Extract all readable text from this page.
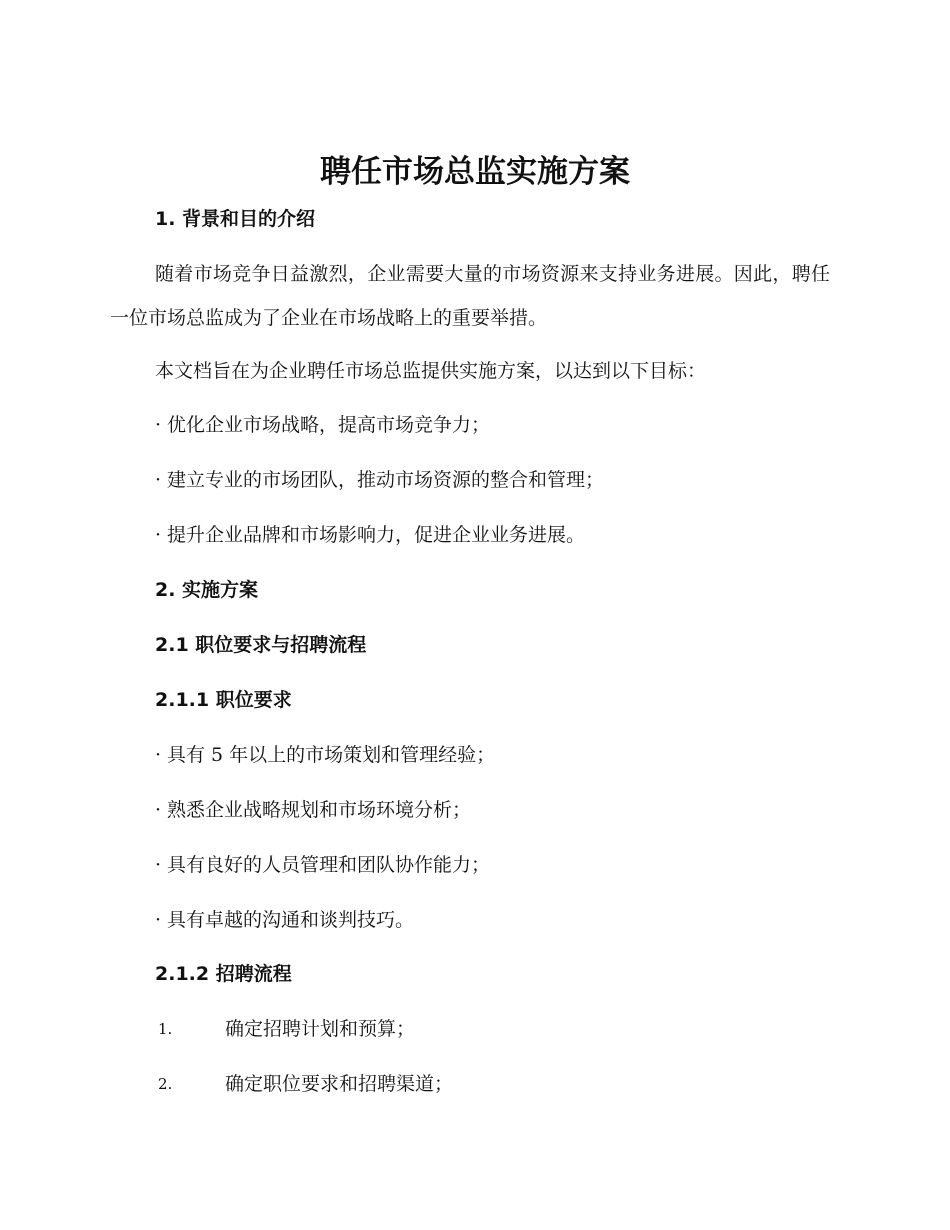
聘任市场总监实施方案
1. 背景和目的介绍

随着市场竞争日益激烈，企业需要大量的市场资源来支持业务进展。因此，聘任一位市场总监成为了企业在市场战略上的重要举措。

本文档旨在为企业聘任市场总监提供实施方案，以达到以下目标：

· 优化企业市场战略，提高市场竞争力；

· 建立专业的市场团队，推动市场资源的整合和管理；

· 提升企业品牌和市场影响力，促进企业业务进展。

2. 实施方案
2.1 职位要求与招聘流程
2.1.1 职位要求

· 具有 5 年以上的市场策划和管理经验；

· 熟悉企业战略规划和市场环境分析；

· 具有良好的人员管理和团队协作能力；

· 具有卓越的沟通和谈判技巧。

2.1.2 招聘流程
1.	确定招聘计划和预算；
2.	确定职位要求和招聘渠道；
